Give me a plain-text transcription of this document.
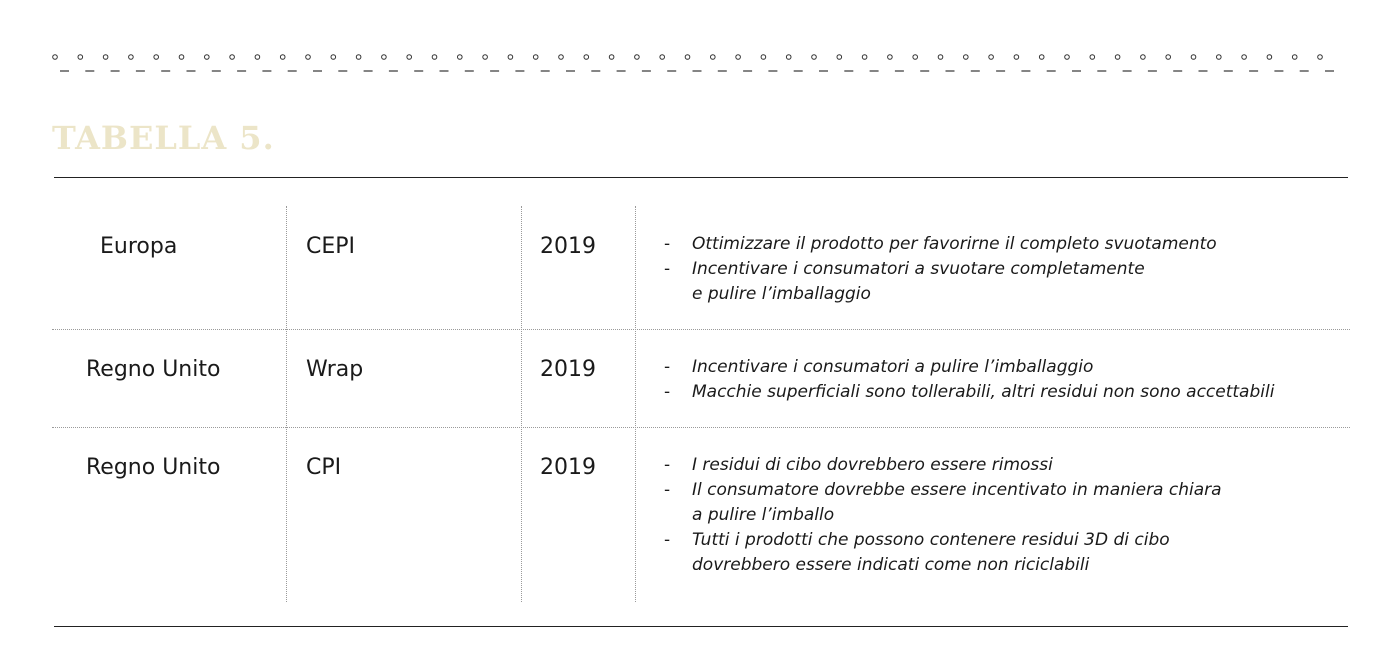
TABELLA 5.

Europa	CEPI	2019	- Ottimizzare il prodotto per favorirne il completo svuotamento
- Incentivare i consumatori a svuotare completamente
e pulire l’imballaggio

Regno Unito	Wrap	2019	- Incentivare i consumatori a pulire l’imballaggio
- Macchie superficiali sono tollerabili, altri residui non sono accettabili

Regno Unito	CPI	2019	- I residui di cibo dovrebbero essere rimossi
- Il consumatore dovrebbe essere incentivato in maniera chiara
a pulire l’imballo
- Tutti i prodotti che possono contenere residui 3D di cibo
dovrebbero essere indicati come non riciclabili
